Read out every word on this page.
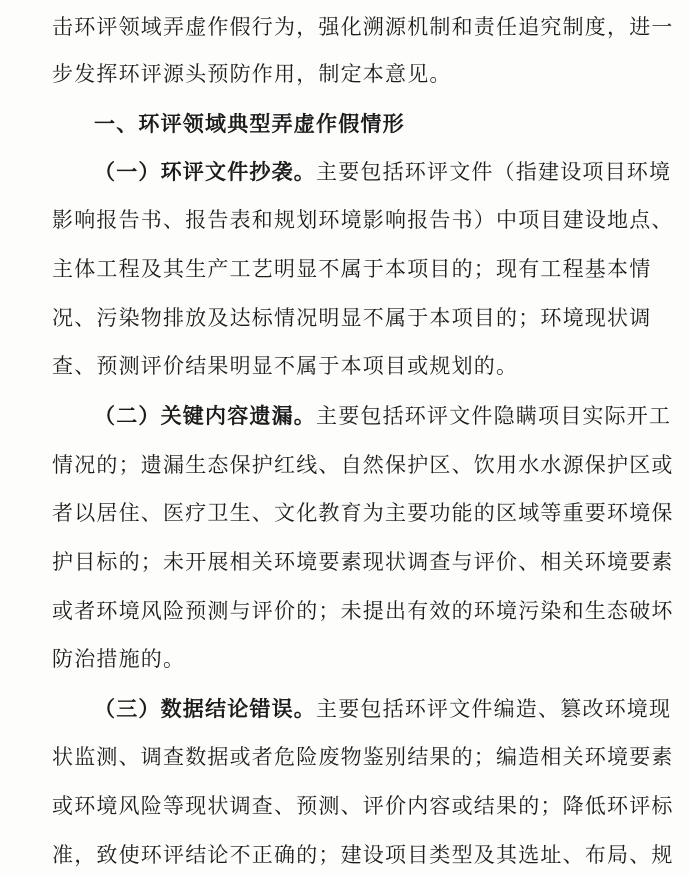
击环评领域弄虚作假行为，强化溯源机制和责任追究制度，进一
步发挥环评源头预防作用，制定本意见。
一、环评领域典型弄虚作假情形
（一）环评文件抄袭。主要包括环评文件（指建设项目环境
影响报告书、报告表和规划环境影响报告书）中项目建设地点、
主体工程及其生产工艺明显不属于本项目的；现有工程基本情
况、污染物排放及达标情况明显不属于本项目的；环境现状调
查、预测评价结果明显不属于本项目或规划的。
（二）关键内容遗漏。主要包括环评文件隐瞒项目实际开工
情况的；遗漏生态保护红线、自然保护区、饮用水水源保护区或
者以居住、医疗卫生、文化教育为主要功能的区域等重要环境保
护目标的；未开展相关环境要素现状调查与评价、相关环境要素
或者环境风险预测与评价的；未提出有效的环境污染和生态破坏
防治措施的。
（三）数据结论错误。主要包括环评文件编造、篡改环境现
状监测、调查数据或者危险废物鉴别结果的；编造相关环境要素
或环境风险等现状调查、预测、评价内容或结果的；降低环评标
准，致使环评结论不正确的；建设项目类型及其选址、布局、规
